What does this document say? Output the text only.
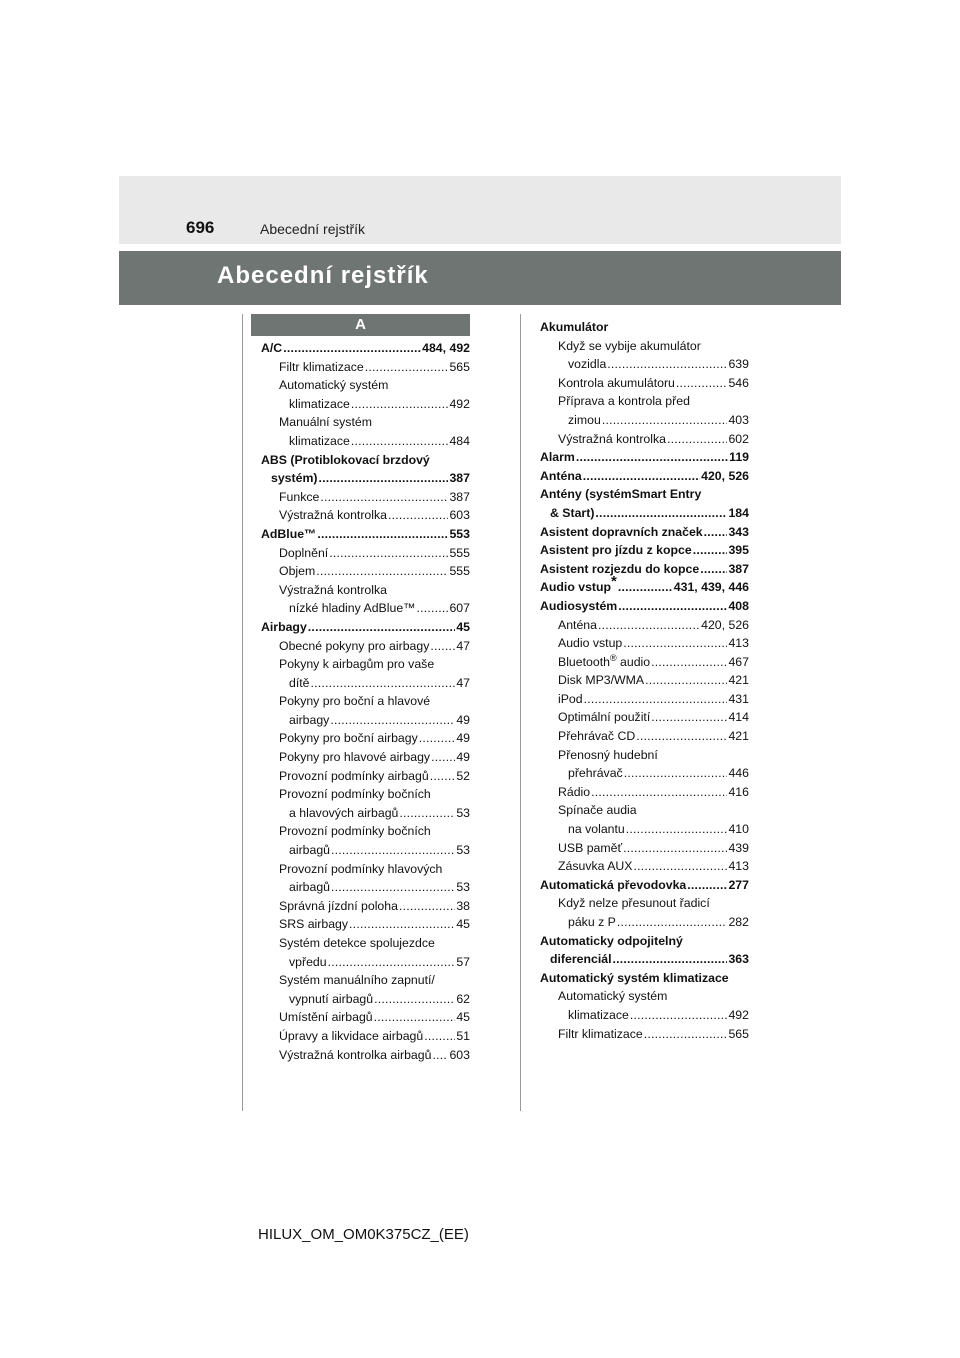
696	Abecední rejstřík
Abecední rejstřík
A
A/C . . .	484, 492
Filtr klimatizace . . .	565
Automatický systém
klimatizace . . .	492
Manuální systém
klimatizace . . .	484
ABS (Protiblokovací brzdový
systém) . . .	387
Funkce . . .	387
Výstražná kontrolka . . .	603
AdBlue™ . . .	553
Doplnění . . .	555
Objem . . .	555
Výstražná kontrolka
nízké hladiny AdBlue™ . . .	607
Airbagy . . .	45
Obecné pokyny pro airbagy . . . 47
Pokyny k airbagům pro vaše
dítě . . .	47
Pokyny pro boční a hlavové
airbagy . . .	49
Pokyny pro boční airbagy . . .	49
Pokyny pro hlavové airbagy . . . 49
Provozní podmínky airbagů . . . 52
Provozní podmínky bočních
a hlavových airbagů . . .	53
Provozní podmínky bočních
airbagů . . .	53
Provozní podmínky hlavových
airbagů . . .	53
Správná jízdní poloha . . .	38
SRS airbagy . . .	45
Systém detekce spolujezdce
vpředu . . .	57
Systém manuálního zapnutí/
vypnutí airbagů . . .	62
Umístění airbagů . . .	45
Úpravy a likvidace airbagů . . .	51
Výstražná kontrolka airbagů . . . 603
Akumulátor
Když se vybije akumulátor
vozidla . . .	639
Kontrola akumulátoru . . .	546
Příprava a kontrola před
zimou . . .	403
Výstražná kontrolka . . .	602
Alarm . . .	119
Anténa . . .	420, 526
Antény (systémSmart Entry
& Start) . . .	184
Asistent dopravních značek . . . 343
Asistent pro jízdu z kopce . . .	395
Asistent rozjezdu do kopce . . . 387
Audio vstup* . . .	431, 439, 446
Audiosystém . . .	408
Anténa . . .	420, 526
Audio vstup . . .	413
Bluetooth® audio . . .	467
Disk MP3/WMA . . .	421
iPod . . .	431
Optimální použití . . .	414
Přehrávač CD . . .	421
Přenosný hudební
přehrávač . . .	446
Rádio . . .	416
Spínače audia
na volantu . . .	410
USB paměť . . .	439
Zásuvka AUX . . .	413
Automatická převodovka . . .	277
Když nelze přesunout řadicí
páku z P . . .	282
Automaticky odpojitelný
diferenciál . . .	363
Automatický systém klimatizace
Automatický systém
klimatizace . . .	492
Filtr klimatizace . . .	565
HILUX_OM_OM0K375CZ_(EE)
